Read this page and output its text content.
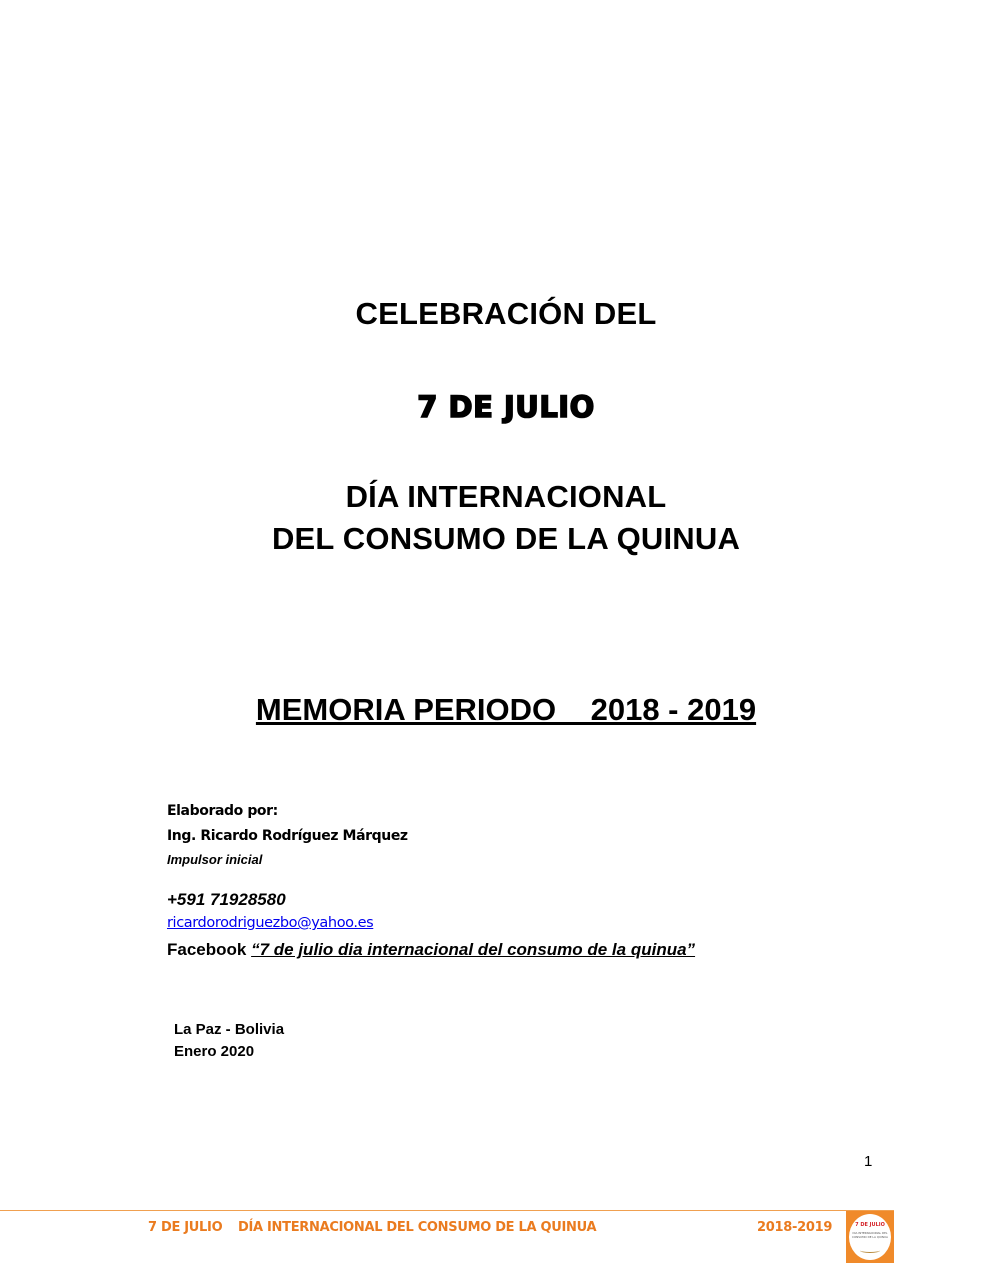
CELEBRACIÓN DEL
7 DE JULIO
DÍA INTERNACIONAL
DEL CONSUMO DE LA QUINUA
MEMORIA PERIODO    2018 - 2019
Elaborado por:
Ing. Ricardo Rodríguez Márquez
Impulsor inicial
+591 71928580
ricardorodriguezbo@yahoo.es
Facebook “7 de julio dia internacional del consumo de la quinua”
La Paz - Bolivia
Enero 2020
1
7 DE JULIO DÍA INTERNACIONAL DEL CONSUMO DE LA QUINUA	2018-2019	7 DE JULIO
DIA INTERNACIONAL DEL CONSUMO DE LA QUINUA
